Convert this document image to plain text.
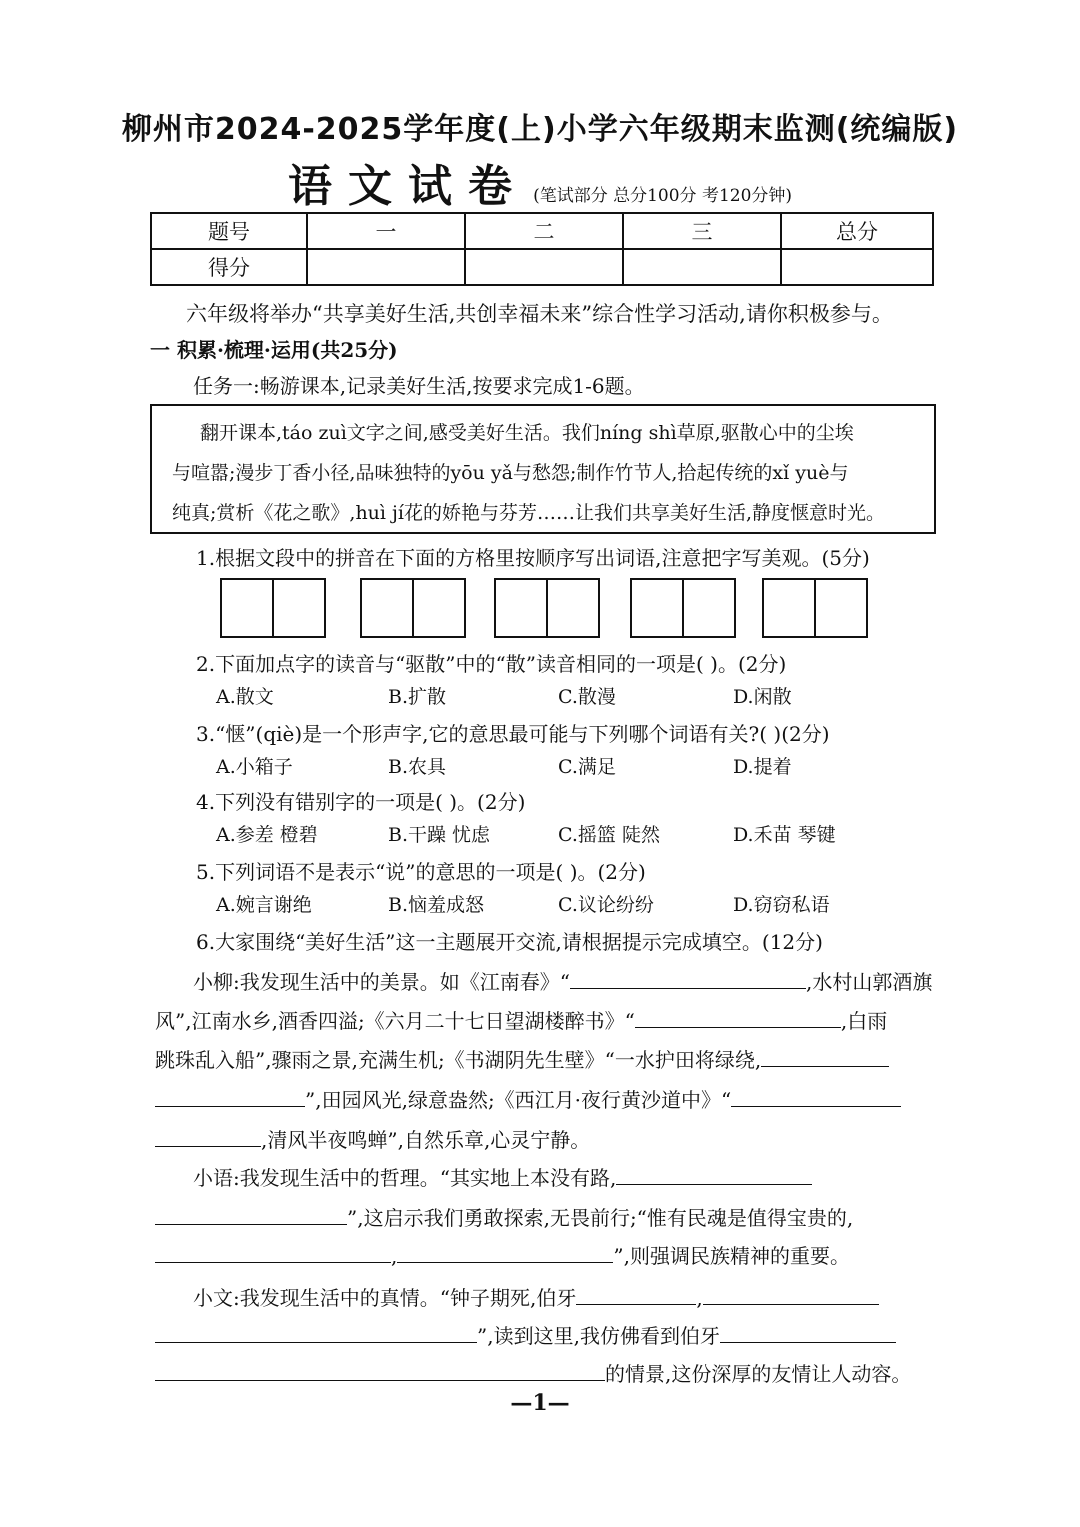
柳州市2024-2025学年度(上)小学六年级期末监测(统编版)
语文试卷 (笔试部分 总分100分 考120分钟)
题号	一	二	三	总分
得分				
六年级将举办“共享美好生活,共创幸福未来”综合性学习活动,请你积极参与。
一 积累·梳理·运用(共25分)
任务一:畅游课本,记录美好生活,按要求完成1-6题。
翻开课本,táo zuì文字之间,感受美好生活。我们níng shì草原,驱散心中的尘埃
与喧嚣;漫步丁香小径,品味独特的yōu yǎ与愁怨;制作竹节人,拾起传统的xǐ yuè与
纯真;赏析《花之歌》,huì jí花的娇艳与芬芳……让我们共享美好生活,静度惬意时光。
1.根据文段中的拼音在下面的方格里按顺序写出词语,注意把字写美观。(5分)
2.下面加点字的读音与“驱散”中的“散”读音相同的一项是( )。(2分)
A.散文	B.扩散	C.散漫	D.闲散
3.“惬”(qiè)是一个形声字,它的意思最可能与下列哪个词语有关?( )(2分)
A.小箱子	B.农具	C.满足	D.提着
4.下列没有错别字的一项是( )。(2分)
A.参差 橙碧	B.干躁 忧虑	C.摇篮 陡然	D.禾苗 琴键
5.下列词语不是表示“说”的意思的一项是( )。(2分)
A.婉言谢绝	B.恼羞成怒	C.议论纷纷	D.窃窃私语
6.大家围绕“美好生活”这一主题展开交流,请根据提示完成填空。(12分)
小柳:我发现生活中的美景。如《江南春》“	,水村山郭酒旗
风”,江南水乡,酒香四溢;《六月二十七日望湖楼醉书》“	,白雨
跳珠乱入船”,骤雨之景,充满生机;《书湖阴先生壁》“一水护田将绿绕,
”,田园风光,绿意盎然;《西江月·夜行黄沙道中》“
,清风半夜鸣蝉”,自然乐章,心灵宁静。
小语:我发现生活中的哲理。“其实地上本没有路,
”,这启示我们勇敢探索,无畏前行;“惟有民魂是值得宝贵的,
,	”,则强调民族精神的重要。
小文:我发现生活中的真情。“钟子期死,伯牙	,
”,读到这里,我仿佛看到伯牙
的情景,这份深厚的友情让人动容。
—1—
